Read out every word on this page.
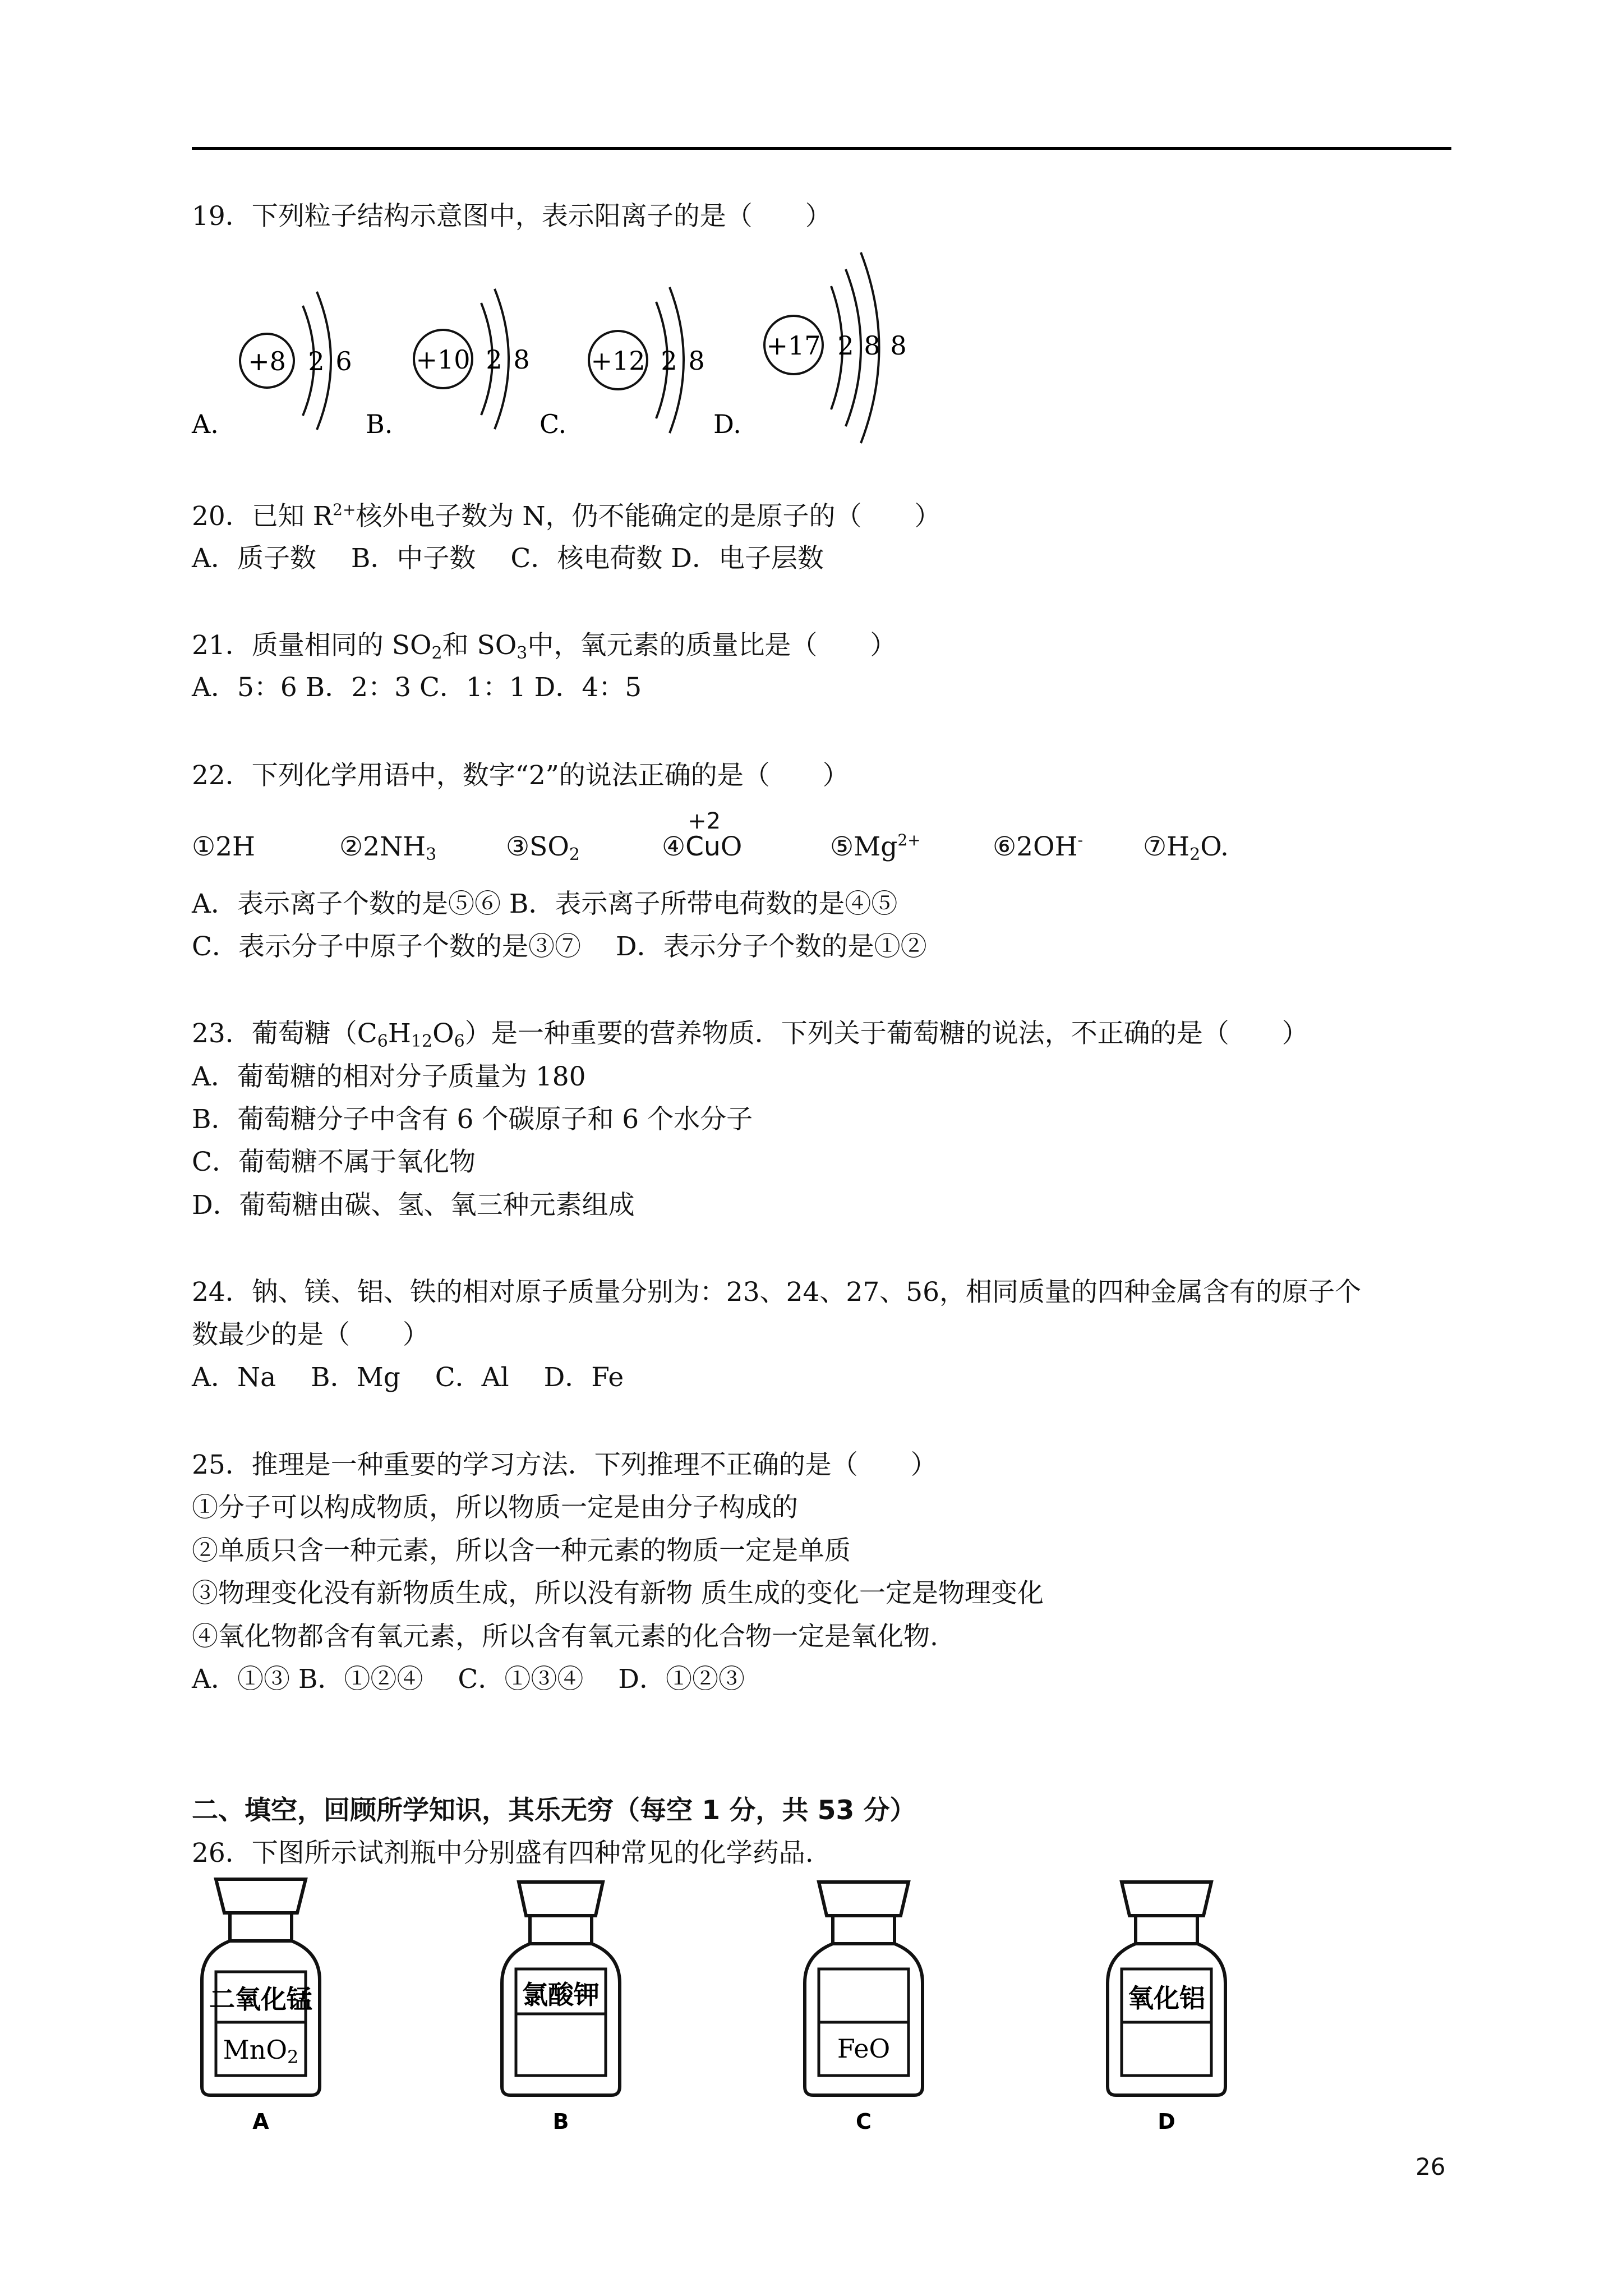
19．下列粒子结构示意图中，表示阳离子的是（　　）
A.
+8 2 6
B.
+10 2 8
C.
+12 2 8
D.
+17 2 8 8
20．已知 $R^{2+}$核外电子数为 N，仍不能确定的是原子的（　　）
A．质子数　 B．中子数　 C．核电荷数 D．电子层数
21．质量相同的 $SO_2$和 $SO_3$中，氧元素的质量比是（　　）
A．5：6 B．2：3 C．1：1 D．4：5
22．下列化学用语中，数字“2”的说法正确的是（　　）
①2H	$②2NH_3$	$③SO_2$	④
+2
CuO	$⑤Mg^{2+}$	⑥2OH- $⑦H_2O$.
A．表示离子个数的是⑤⑥ B．表示离子所带电荷数的是④⑤
C．表示分子中原子个数的是③⑦　 D．表示分子个数的是①②
23．葡萄糖$(C_6H_{12}O_6)$是一种重要的营养物质．下列关于葡萄糖的说法，不正确的是（　　）
A．葡萄糖的相对分子质量为 180
B．葡萄糖分子中含有 6 个碳原子和 6 个水分子
C．葡萄糖不属于氧化物
D．葡萄糖由碳、氢、氧三种元素组成
24．钠、镁、铝、铁的相对原子质量分别为：23、24、27、56，相同质量的四种金属含有的原子个
数最少的是（　　）
A．Na　 B．Mg　 C．Al　 D．Fe
25．推理是一种重要的学习方法．下列推理不正确的是（　　）
①分子可以构成物质，所以物质一定是由分子构成的
②单质只含一种元素，所以含一种元素的物质一定是单质
③物理变化没有新物质生成，所以没有新物 质生成的变化一定是物理变化
④氧化物都含有氧元素，所以含有氧元素的化合物一定是氧化物.
A．①③ B．①②④　 C．①③④　 D．①②③
二、填空，回顾所学知识，其乐无穷（每空 1 分，共 53 分）
26．下图所示试剂瓶中分别盛有四种常见的化学药品.
二氧化锰
MnO2
A
氯酸钾
B
FeO
C
氧化铝
D
26
